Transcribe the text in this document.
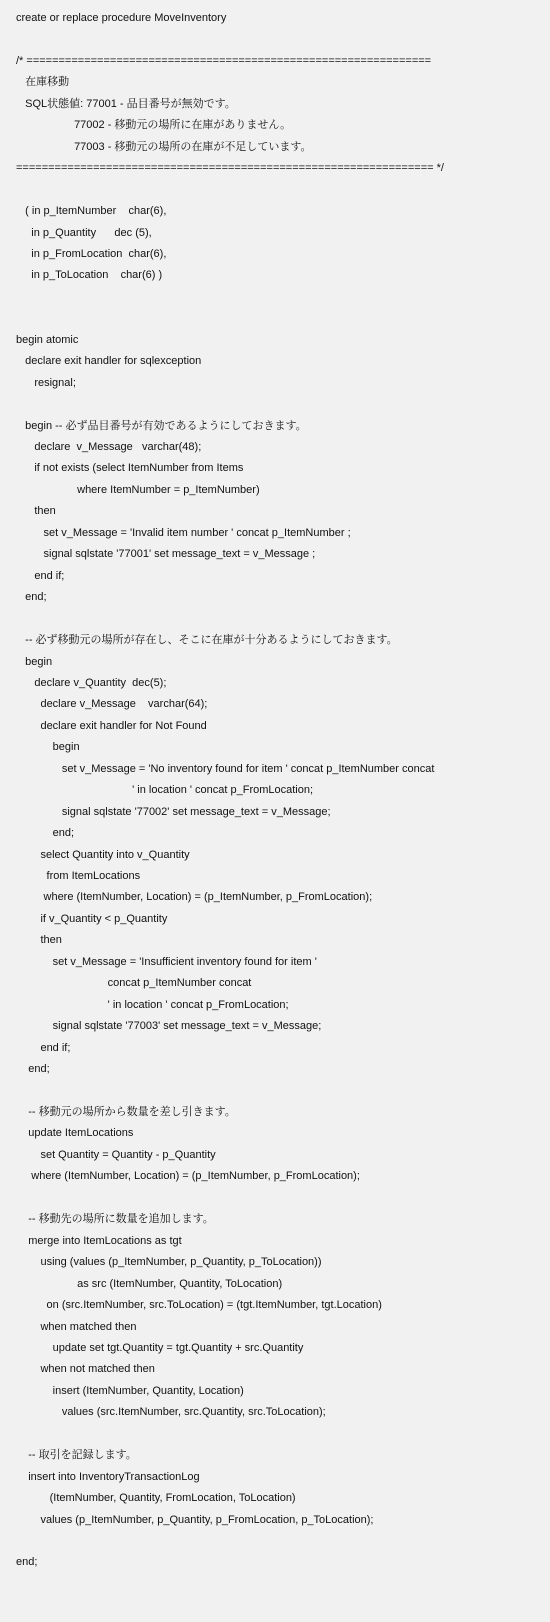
create or replace procedure MoveInventory
/* ===============================================================
在庫移動
SQL状態値: 77001 - 品目番号が無効です。
77002 - 移動元の場所に在庫がありません。
77003 - 移動元の場所の在庫が不足しています。
================================================================= */
( in p_ItemNumber    char(6),
in p_Quantity      dec (5),
in p_FromLocation  char(6),
in p_ToLocation    char(6) )
begin atomic
declare exit handler for sqlexception
resignal;
begin -- 必ず品目番号が有効であるようにしておきます。
declare  v_Message   varchar(48);
if not exists (select ItemNumber from Items
where ItemNumber = p_ItemNumber)
then
set v_Message = 'Invalid item number ' concat p_ItemNumber ;
signal sqlstate '77001' set message_text = v_Message ;
end if;
end;
-- 必ず移動元の場所が存在し、そこに在庫が十分あるようにしておきます。
begin
declare v_Quantity  dec(5);
declare v_Message    varchar(64);
declare exit handler for Not Found
begin
set v_Message = 'No inventory found for item ' concat p_ItemNumber concat
' in location ' concat p_FromLocation;
signal sqlstate '77002' set message_text = v_Message;
end;
select Quantity into v_Quantity
from ItemLocations
where (ItemNumber, Location) = (p_ItemNumber, p_FromLocation);
if v_Quantity < p_Quantity
then
set v_Message = 'Insufficient inventory found for item '
concat p_ItemNumber concat
' in location ' concat p_FromLocation;
signal sqlstate '77003' set message_text = v_Message;
end if;
end;
-- 移動元の場所から数量を差し引きます。
update ItemLocations
set Quantity = Quantity - p_Quantity
where (ItemNumber, Location) = (p_ItemNumber, p_FromLocation);
-- 移動先の場所に数量を追加します。
merge into ItemLocations as tgt
using (values (p_ItemNumber, p_Quantity, p_ToLocation))
as src (ItemNumber, Quantity, ToLocation)
on (src.ItemNumber, src.ToLocation) = (tgt.ItemNumber, tgt.Location)
when matched then
update set tgt.Quantity = tgt.Quantity + src.Quantity
when not matched then
insert (ItemNumber, Quantity, Location)
values (src.ItemNumber, src.Quantity, src.ToLocation);
-- 取引を記録します。
insert into InventoryTransactionLog
(ItemNumber, Quantity, FromLocation, ToLocation)
values (p_ItemNumber, p_Quantity, p_FromLocation, p_ToLocation);
end;
